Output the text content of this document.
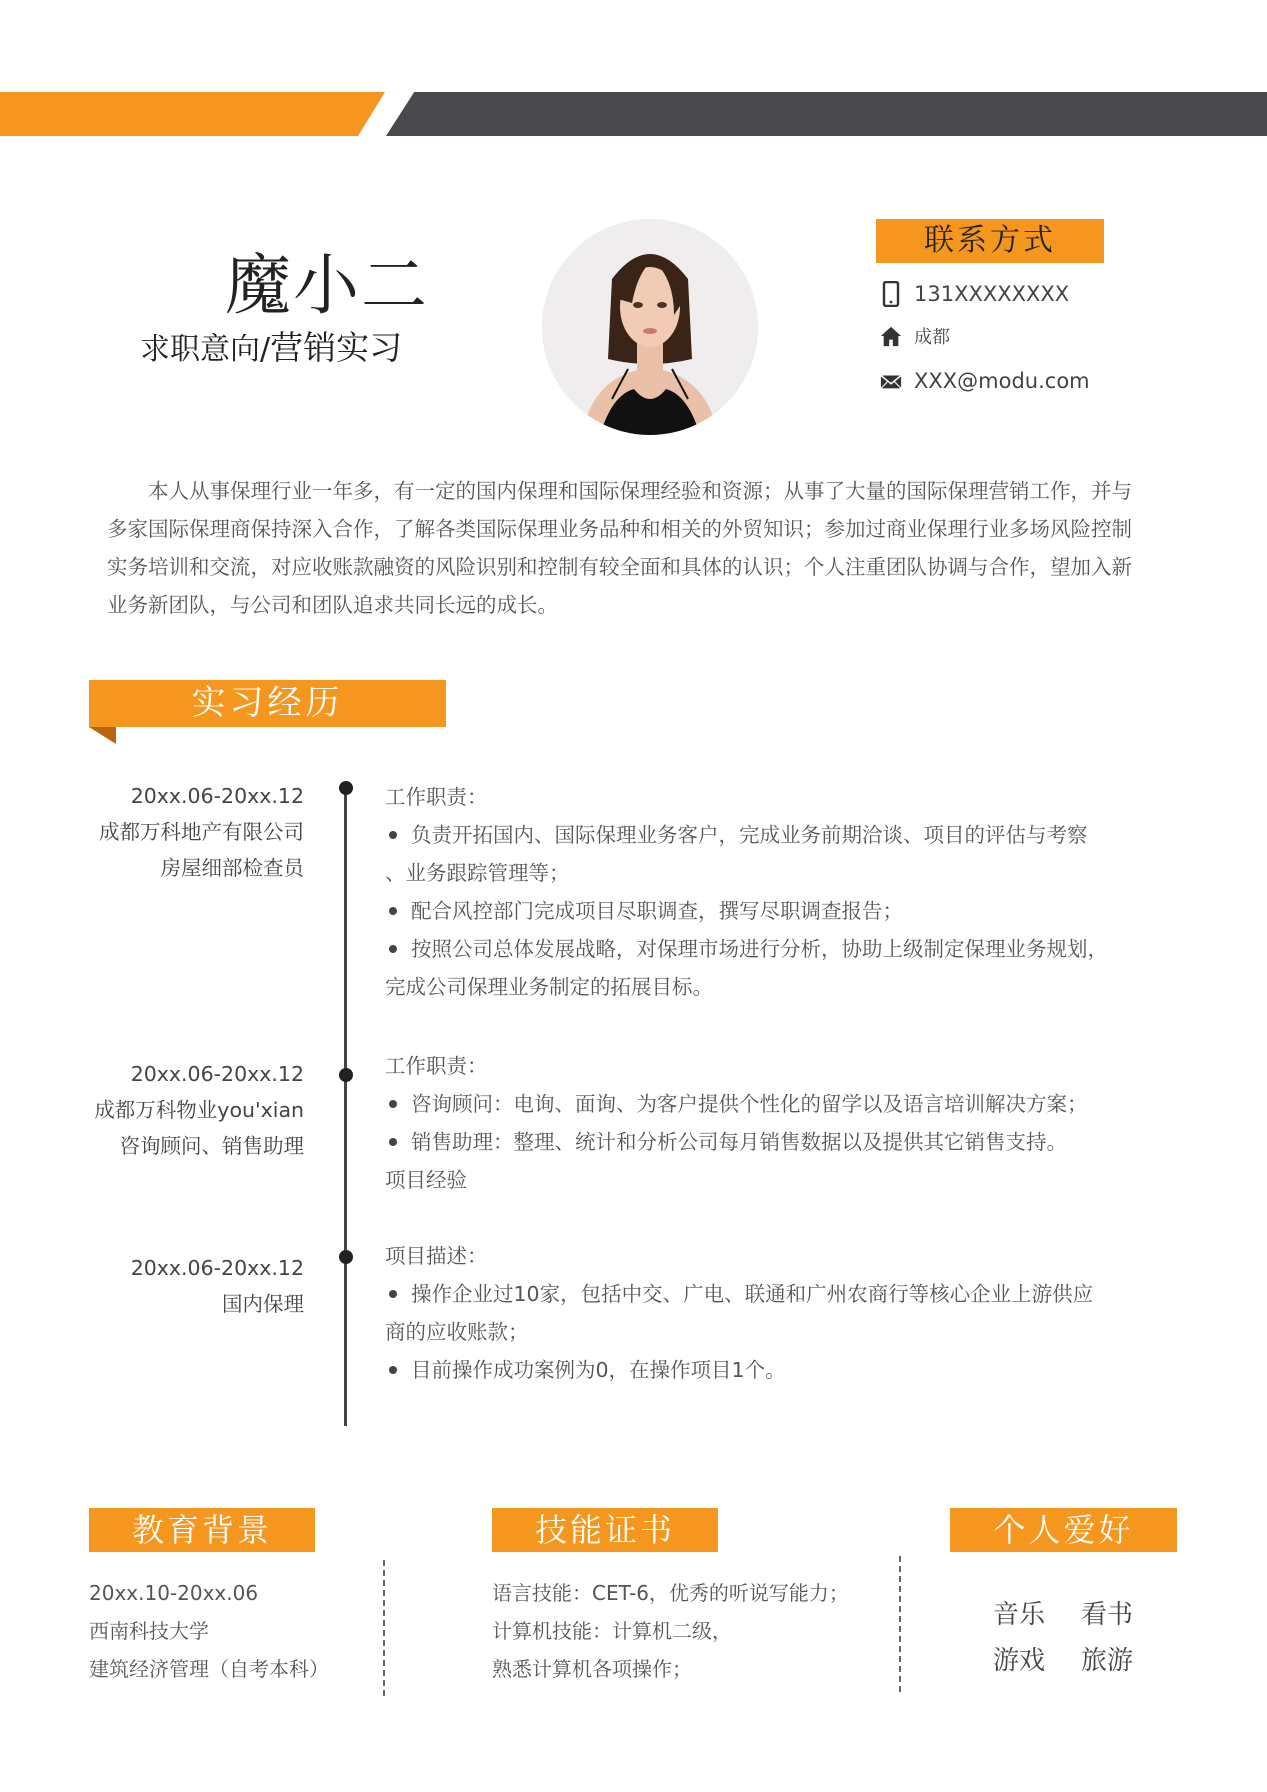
魔小二
求职意向/营销实习
联系方式
131XXXXXXXX
成都
XXX@modu.com
本人从事保理行业一年多，有一定的国内保理和国际保理经验和资源；从事了大量的国际保理营销工作，并与多家国际保理商保持深入合作，了解各类国际保理业务品种和相关的外贸知识；参加过商业保理行业多场风险控制实务培训和交流，对应收账款融资的风险识别和控制有较全面和具体的认识；个人注重团队协调与合作，望加入新业务新团队，与公司和团队追求共同长远的成长。
实习经历
20xx.06-20xx.12
成都万科地产有限公司
房屋细部检查员

工作职责：

负责开拓国内、国际保理业务客户，完成业务前期洽谈、项目的评估与考察

、业务跟踪管理等；

配合风控部门完成项目尽职调查，撰写尽职调查报告；

按照公司总体发展战略，对保理市场进行分析，协助上级制定保理业务规划，

完成公司保理业务制定的拓展目标。

20xx.06-20xx.12
成都万科物业you'xian
咨询顾问、销售助理

工作职责：

咨询顾问：电询、面询、为客户提供个性化的留学以及语言培训解决方案；

销售助理：整理、统计和分析公司每月销售数据以及提供其它销售支持。

项目经验

20xx.06-20xx.12
国内保理

项目描述：

操作企业过10家，包括中交、广电、联通和广州农商行等核心企业上游供应

商的应收账款；

目前操作成功案例为0，在操作项目1个。

教育背景
20xx.10-20xx.06
西南科技大学
建筑经济管理（自考本科）
技能证书
语言技能：CET-6，优秀的听说写能力；
计算机技能：计算机二级，
熟悉计算机各项操作；
个人爱好
音乐 看书
游戏 旅游
